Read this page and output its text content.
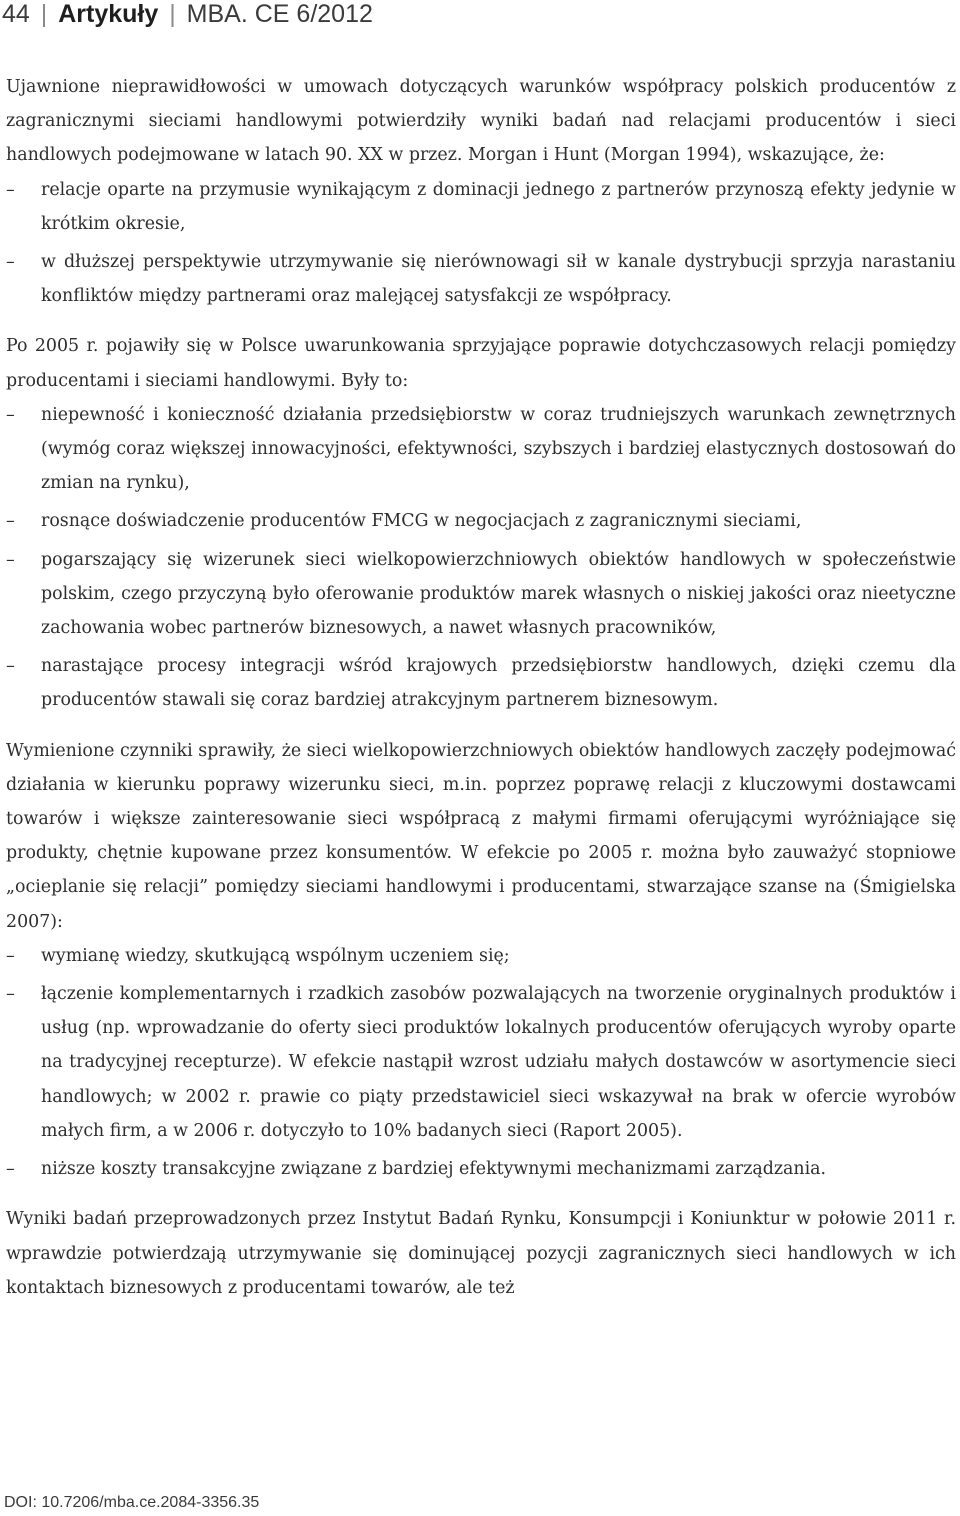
44 | Artykuły | MBA. CE 6/2012

Ujawnione nieprawidłowości w umowach dotyczących warunków współpracy polskich producentów z zagranicznymi sieciami handlowymi potwierdziły wyniki badań nad relacjami producentów i sieci handlowych podejmowane w latach 90. XX w przez. Morgan i Hunt (Morgan 1994), wskazujące, że:

–	relacje oparte na przymusie wynikającym z dominacji jednego z partnerów przynoszą efekty jedynie w krótkim okresie,
–	w dłuższej perspektywie utrzymywanie się nierównowagi sił w kanale dystrybucji sprzyja narastaniu konfliktów między partnerami oraz malejącej satysfakcji ze współpracy.

Po 2005 r. pojawiły się w Polsce uwarunkowania sprzyjające poprawie dotychczasowych relacji pomiędzy producentami i sieciami handlowymi. Były to:

–	niepewność i konieczność działania przedsiębiorstw w coraz trudniejszych warunkach zewnętrznych (wymóg coraz większej innowacyjności, efektywności, szybszych i bardziej elastycznych dostosowań do zmian na rynku),
–	rosnące doświadczenie producentów FMCG w negocjacjach z zagranicznymi sieciami,
–	pogarszający się wizerunek sieci wielkopowierzchniowych obiektów handlowych w społeczeństwie polskim, czego przyczyną było oferowanie produktów marek własnych o niskiej jakości oraz nieetyczne zachowania wobec partnerów biznesowych, a nawet własnych pracowników,
–	narastające procesy integracji wśród krajowych przedsiębiorstw handlowych, dzięki czemu dla producentów stawali się coraz bardziej atrakcyjnym partnerem biznesowym.

Wymienione czynniki sprawiły, że sieci wielkopowierzchniowych obiektów handlowych zaczęły podejmować działania w kierunku poprawy wizerunku sieci, m.in. poprzez poprawę relacji z kluczowymi dostawcami towarów i większe zainteresowanie sieci współpracą z małymi firmami oferującymi wyróżniające się produkty, chętnie kupowane przez konsumentów. W efekcie po 2005 r. można było zauważyć stopniowe „ocieplanie się relacji” pomiędzy sieciami handlowymi i producentami, stwarzające szanse na (Śmigielska 2007):

–	wymianę wiedzy, skutkującą wspólnym uczeniem się;
–	łączenie komplementarnych i rzadkich zasobów pozwalających na tworzenie oryginalnych produktów i usług (np. wprowadzanie do oferty sieci produktów lokalnych producentów oferujących wyroby oparte na tradycyjnej recepturze). W efekcie nastąpił wzrost udziału małych dostawców w asortymencie sieci handlowych; w 2002 r. prawie co piąty przedstawiciel sieci wskazywał na brak w ofercie wyrobów małych firm, a w 2006 r. dotyczyło to 10% badanych sieci (Raport 2005).
–	niższe koszty transakcyjne związane z bardziej efektywnymi mechanizmami zarządzania.

Wyniki badań przeprowadzonych przez Instytut Badań Rynku, Konsumpcji i Koniunktur w połowie 2011 r. wprawdzie potwierdzają utrzymywanie się dominującej pozycji zagranicznych sieci handlowych w ich kontaktach biznesowych z producentami towarów, ale też

DOI: 10.7206/mba.ce.2084-3356.35
